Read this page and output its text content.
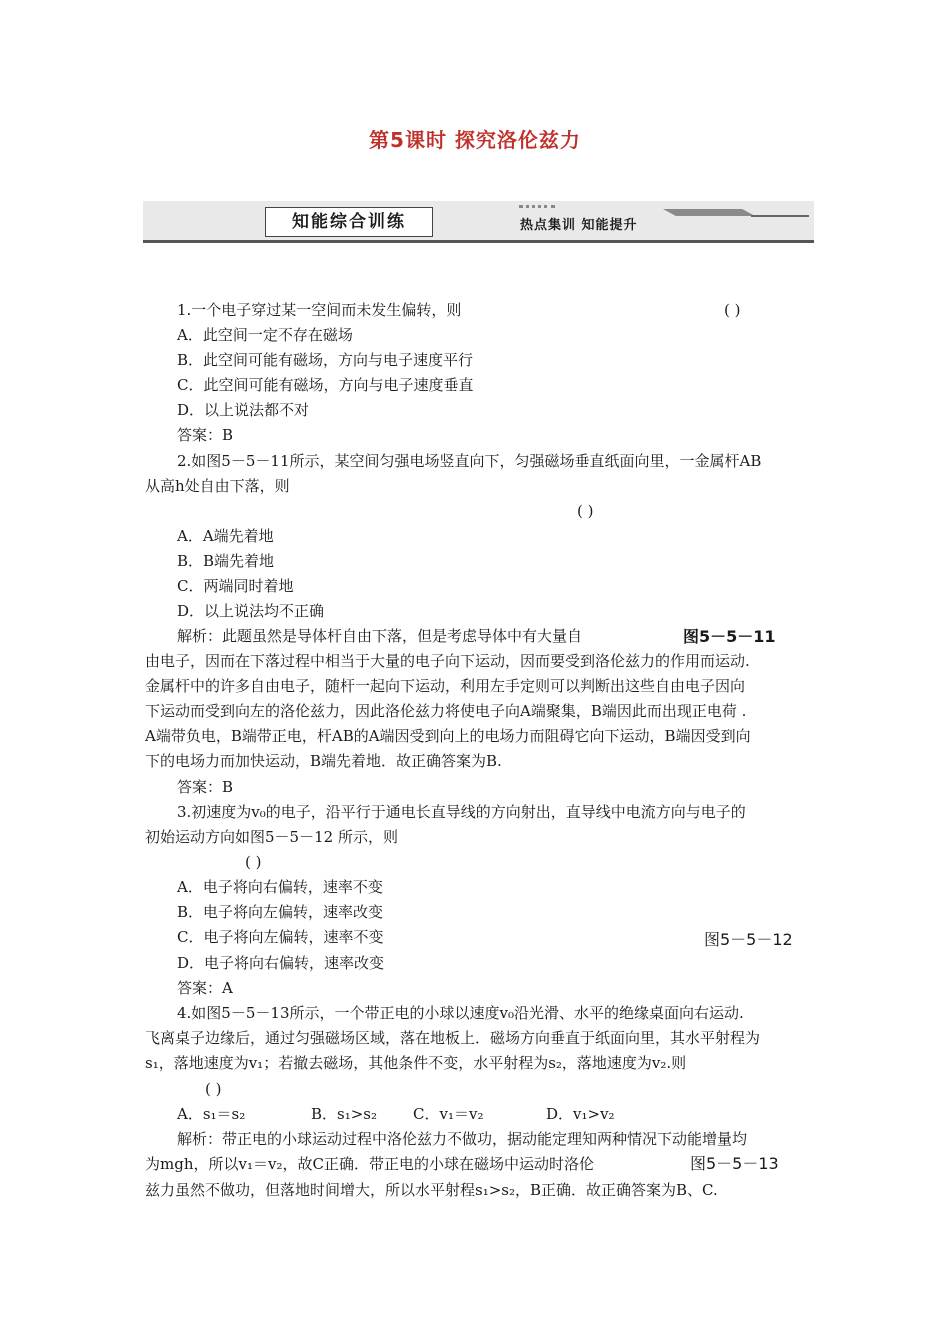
第5课时 探究洛伦兹力
知能综合训练	热点集训 知能提升
1.一个电子穿过某一空间而未发生偏转，则	( )
A．此空间一定不存在磁场
B．此空间可能有磁场，方向与电子速度平行
C．此空间可能有磁场，方向与电子速度垂直
D．以上说法都不对
答案：B
2.如图5－5－11所示，某空间匀强电场竖直向下，匀强磁场垂直纸面向里，一金属杆AB
从高h处自由下落，则
( )
A．A端先着地
B．B端先着地
C．两端同时着地
D．以上说法均不正确
解析：此题虽然是导体杆自由下落，但是考虑导体中有大量自	图5－5－11
由电子，因而在下落过程中相当于大量的电子向下运动，因而要受到洛伦兹力的作用而运动.
金属杆中的许多自由电子，随杆一起向下运动，利用左手定则可以判断出这些自由电子因向
下运动而受到向左的洛伦兹力，因此洛伦兹力将使电子向A端聚集，B端因此而出现正电荷 .
A端带负电，B端带正电，杆AB的A端因受到向上的电场力而阻碍它向下运动，B端因受到向
下的电场力而加快运动，B端先着地．故正确答案为B.
答案：B
3.初速度为v₀的电子，沿平行于通电长直导线的方向射出，直导线中电流方向与电子的
初始运动方向如图5－5－12 所示，则
( )
A．电子将向右偏转，速率不变
B．电子将向左偏转，速率改变
C．电子将向左偏转，速率不变	图5－5－12
D．电子将向右偏转，速率改变
答案：A
4.如图5－5－13所示，一个带正电的小球以速度v₀沿光滑、水平的绝缘桌面向右运动.
飞离桌子边缘后，通过匀强磁场区域，落在地板上．磁场方向垂直于纸面向里，其水平射程为
s₁，落地速度为v₁；若撤去磁场，其他条件不变，水平射程为s₂，落地速度为v₂.则
( )
A．s₁＝s₂	B．s₁>s₂ C．v₁＝v₂	D．v₁>v₂
解析：带正电的小球运动过程中洛伦兹力不做功，据动能定理知两种情况下动能增量均
为mgh，所以v₁＝v₂，故C正确．带正电的小球在磁场中运动时洛伦	图5－5－13
兹力虽然不做功，但落地时间增大，所以水平射程s₁>s₂，B正确．故正确答案为B、C.
